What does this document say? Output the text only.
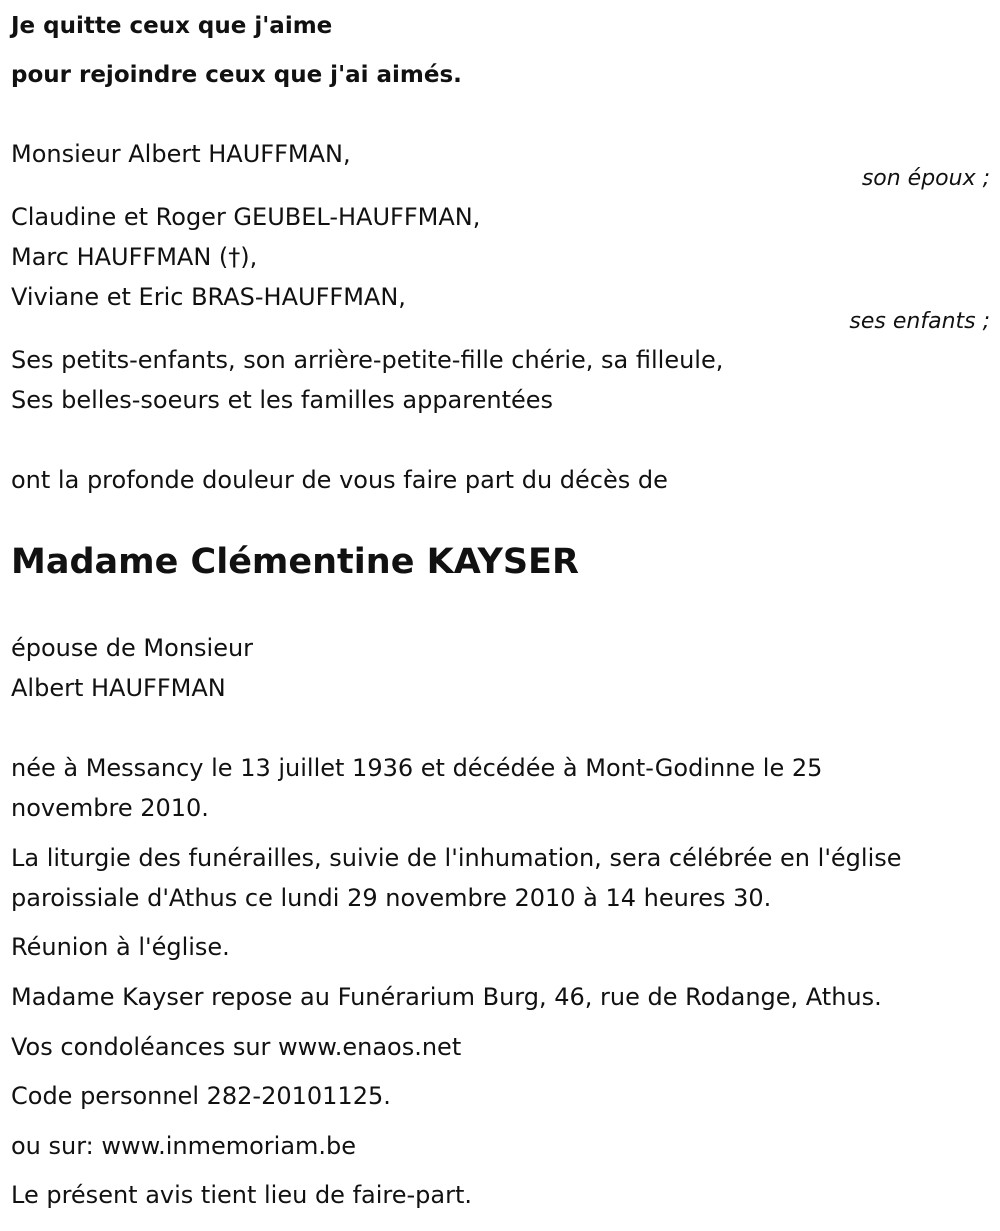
Je quitte ceux que j'aime
pour rejoindre ceux que j'ai aimés.
Monsieur Albert HAUFFMAN,
son époux ;
Claudine et Roger GEUBEL-HAUFFMAN,
Marc HAUFFMAN (†),
Viviane et Eric BRAS-HAUFFMAN,
ses enfants ;
Ses petits-enfants, son arrière-petite-fille chérie, sa filleule,
Ses belles-soeurs et les familles apparentées
ont la profonde douleur de vous faire part du décès de
Madame Clémentine KAYSER
épouse de Monsieur
Albert HAUFFMAN
née à Messancy le 13 juillet 1936 et décédée à Mont-Godinne le 25
novembre 2010.
La liturgie des funérailles, suivie de l'inhumation, sera célébrée en l'église
paroissiale d'Athus ce lundi 29 novembre 2010 à 14 heures 30.
Réunion à l'église.
Madame Kayser repose au Funérarium Burg, 46, rue de Rodange, Athus.
Vos condoléances sur www.enaos.net
Code personnel 282-20101125.
ou sur: www.inmemoriam.be
Le présent avis tient lieu de faire-part.
